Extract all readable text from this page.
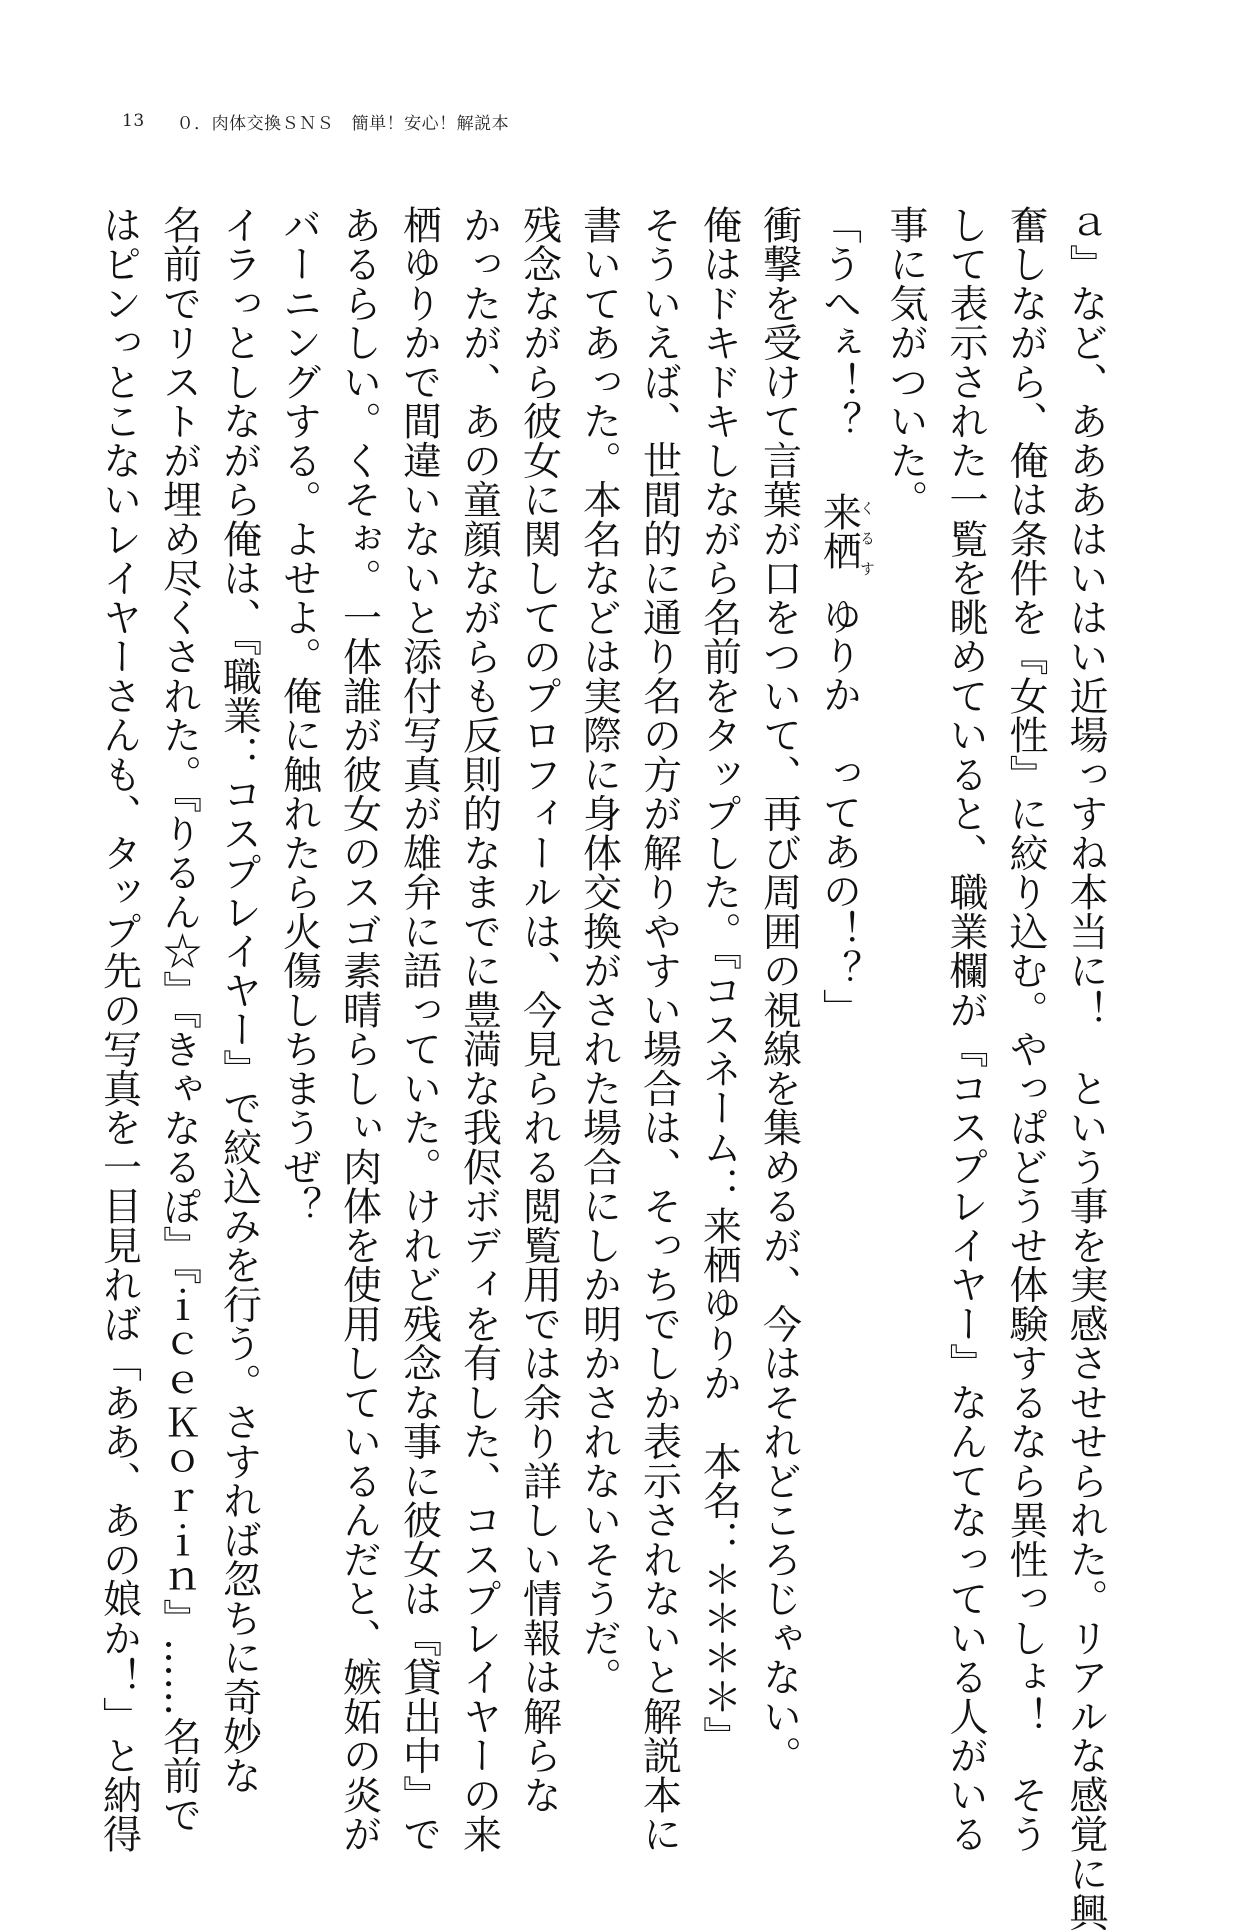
13 ０．肉体交換ＳＮＳ　簡単！安心！解説本

ａ』など、あああはいはい近場っすね本当に！　という事を実感させせられた。リアルな感覚に興

奮しながら、俺は条件を『女性』に絞り込む。やっぱどうせ体験するなら異性っしょ！　そう

して表示された一覧を眺めていると、職業欄が『コスプレイヤー』なんてなっている人がいる

事に気がついた。

「うへぇ！？　 来栖 くるす ゆりか　ってあの！？」

衝撃を受けて言葉が口をついて、再び周囲の視線を集めるが、今はそれどころじゃない。

俺はドキドキしながら名前をタップした。『コスネーム：来栖ゆりか　本名：＊＊＊＊』

そういえば、世間的に通り名の方が解りやすい場合は、そっちでしか表示されないと解説本に

書いてあった。本名などは実際に身体交換がされた場合にしか明かされないそうだ。

残念ながら彼女に関してのプロフィールは、今見られる閲覧用では余り詳しい情報は解らな

かったが、あの童顔ながらも反則的なまでに豊満な我侭ボディを有した、コスプレイヤーの来

栖ゆりかで間違いないと添付写真が雄弁に語っていた。けれど残念な事に彼女は『貸出中』で

あるらしい。くそぉ。一体誰が彼女のスゴ素晴らしぃ肉体を使用しているんだと、嫉妬の炎が

バーニングする。よせよ。俺に触れたら火傷しちまうぜ？

イラっとしながら俺は、『職業：コスプレイヤー』で絞込みを行う。さすれば忽ちに奇妙な

名前でリストが埋め尽くされた。『りるん☆』『きゃなるぽ』『ｉｃｅＫｏｒｉｎ』……名前で

はピンっとこないレイヤーさんも、タップ先の写真を一目見れば「ああ、あの娘か！」と納得
